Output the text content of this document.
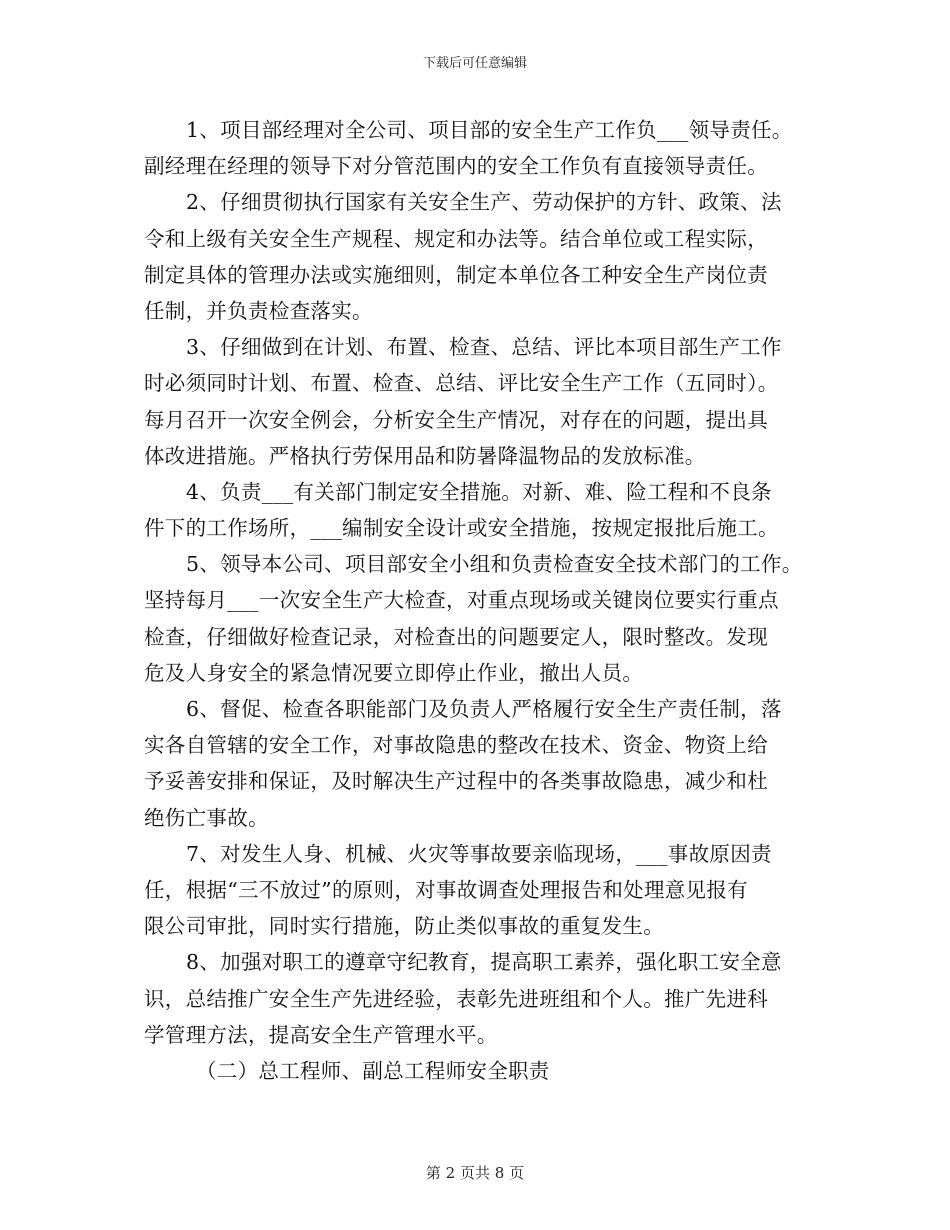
下载后可任意编辑
1、项目部经理对全公司、项目部的安全生产工作负___领导责任。
副经理在经理的领导下对分管范围内的安全工作负有直接领导责任。
2、仔细贯彻执行国家有关安全生产、劳动保护的方针、政策、法
令和上级有关安全生产规程、规定和办法等。结合单位或工程实际，
制定具体的管理办法或实施细则，制定本单位各工种安全生产岗位责
任制，并负责检查落实。
3、仔细做到在计划、布置、检查、总结、评比本项目部生产工作
时必须同时计划、布置、检查、总结、评比安全生产工作（五同时）。
每月召开一次安全例会，分析安全生产情况，对存在的问题，提出具
体改进措施。严格执行劳保用品和防暑降温物品的发放标准。
4、负责___有关部门制定安全措施。对新、难、险工程和不良条
件下的工作场所，___编制安全设计或安全措施，按规定报批后施工。
5、领导本公司、项目部安全小组和负责检查安全技术部门的工作。
坚持每月___一次安全生产大检查，对重点现场或关键岗位要实行重点
检查，仔细做好检查记录，对检查出的问题要定人，限时整改。发现
危及人身安全的紧急情况要立即停止作业，撤出人员。
6、督促、检查各职能部门及负责人严格履行安全生产责任制，落
实各自管辖的安全工作，对事故隐患的整改在技术、资金、物资上给
予妥善安排和保证，及时解决生产过程中的各类事故隐患，减少和杜
绝伤亡事故。
7、对发生人身、机械、火灾等事故要亲临现场，___事故原因责
任，根据“三不放过”的原则，对事故调查处理报告和处理意见报有
限公司审批，同时实行措施，防止类似事故的重复发生。
8、加强对职工的遵章守纪教育，提高职工素养，强化职工安全意
识，总结推广安全生产先进经验，表彰先进班组和个人。推广先进科
学管理方法，提高安全生产管理水平。
（二）总工程师、副总工程师安全职责
第 2 页共 8 页
